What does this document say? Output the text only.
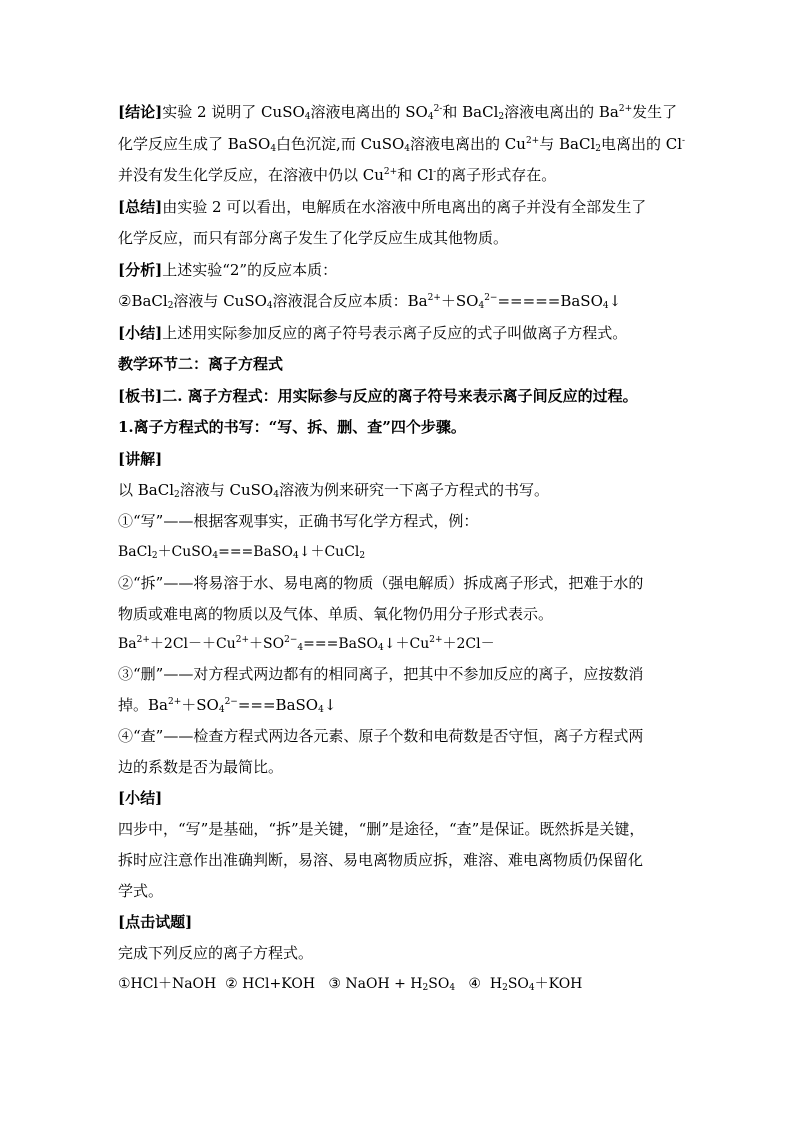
[结论]实验 2 说明了 CuSO$_4$溶液电离出的 $SO_4^{2-}$和 BaCl$_2$溶液电离出的 $Ba^{2+}$发生了
化学反应生成了 BaSO$_4$白色沉淀,而 CuSO$_4$溶液电离出的 $Cu^{2+}$与 BaCl$_2$电离出的 Cl-
并没有发生化学反应，在溶液中仍以 $Cu^{2+}$和 Cl-的离子形式存在。
[总结]由实验 2 可以看出，电解质在水溶液中所电离出的离子并没有全部发生了
化学反应，而只有部分离子发生了化学反应生成其他物质。
[分析]上述实验“2”的反应本质：
②BaCl$_2$溶液与 CuSO$_4$溶液混合反应本质：$Ba^{2+}+SO_4^{2-}=====BaSO_4↓$
[小结]上述用实际参加反应的离子符号表示离子反应的式子叫做离子方程式。
教学环节二：离子方程式
[板书]二. 离子方程式：用实际参与反应的离子符号来表示离子间反应的过程。
1.离子方程式的书写：“写、拆、删、查”四个步骤。
[讲解]
以 BaCl$_2$溶液与 CuSO$_4$溶液为例来研究一下离子方程式的书写。
①“写”——根据客观事实，正确书写化学方程式，例：
BaCl$_2$＋CuSO$_4$===BaSO$_4$↓＋CuCl$_2$
②“拆”——将易溶于水、易电离的物质（强电解质）拆成离子形式，把难于水的
物质或难电离的物质以及气体、单质、氧化物仍用分子形式表示。
$Ba^{2+}+2Cl-+Cu^{2+}+SO^{2-}_4===BaSO_4↓+Cu^{2+}+2Cl-$
③“删”——对方程式两边都有的相同离子，把其中不参加反应的离子，应按数消
掉。$Ba^{2+}+SO_4^{2-}===BaSO_4↓$
④“查”——检查方程式两边各元素、原子个数和电荷数是否守恒，离子方程式两
边的系数是否为最简比。
[小结]
四步中，“写”是基础，“拆”是关键，“删”是途径，“查”是保证。既然拆是关键，
拆时应注意作出准确判断，易溶、易电离物质应拆，难溶、难电离物质仍保留化
学式。
[点击试题]
完成下列反应的离子方程式。
①HCl＋NaOH  ② HCl+KOH   ③ NaOH + $H_2SO_4$   ④  $H_2SO_4+KOH$
